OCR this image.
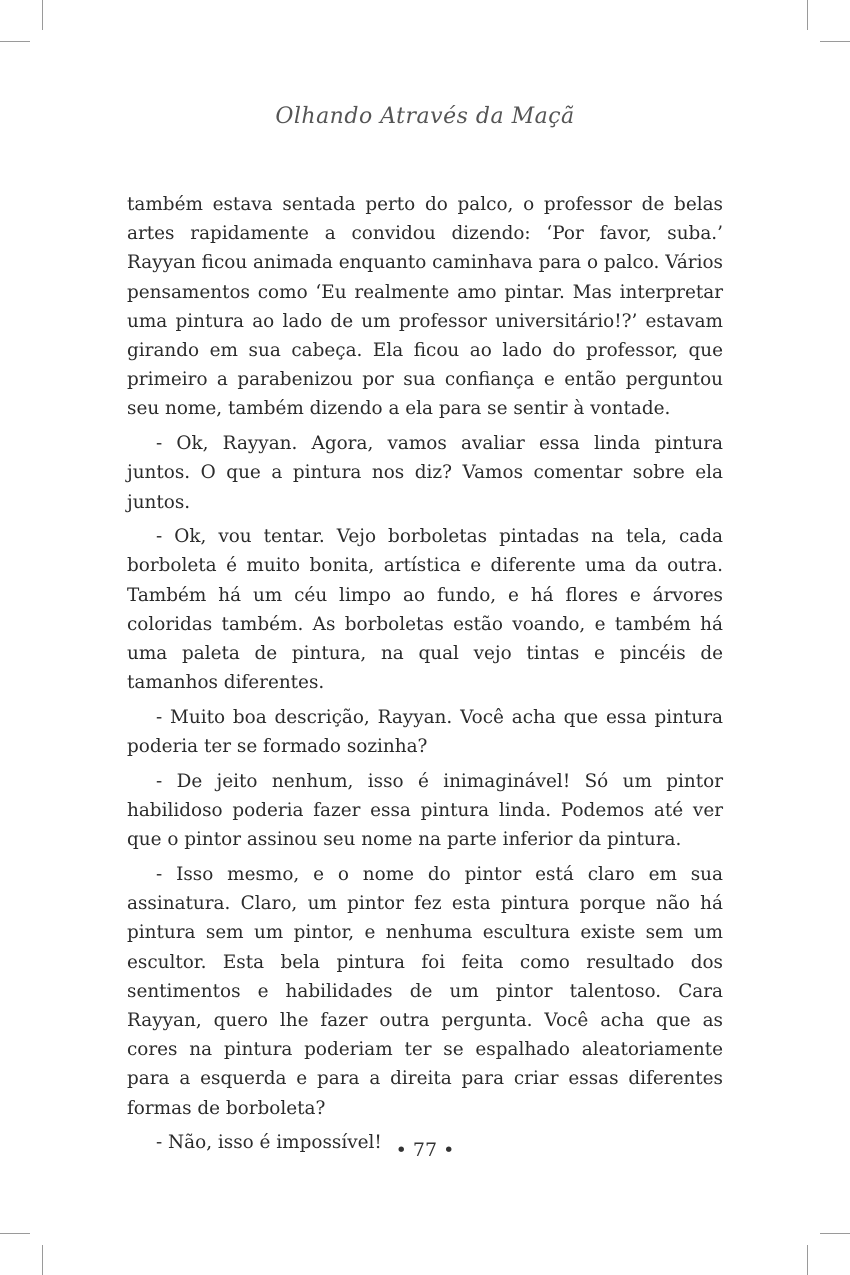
Olhando Através da Maçã

também estava sentada perto do palco, o professor de belas artes rapidamente a convidou dizendo: ‘Por favor, suba.’ Rayyan ficou animada enquanto caminhava para o palco. Vários pensamentos como ‘Eu realmente amo pintar. Mas interpretar uma pintura ao lado de um professor universitário!?’ estavam girando em sua cabeça. Ela ficou ao lado do professor, que primeiro a parabenizou por sua confiança e então perguntou seu nome, também dizendo a ela para se sentir à vontade.

- Ok, Rayyan. Agora, vamos avaliar essa linda pintura juntos. O que a pintura nos diz? Vamos comentar sobre ela juntos.

- Ok, vou tentar. Vejo borboletas pintadas na tela, cada borboleta é muito bonita, artística e diferente uma da outra. Também há um céu limpo ao fundo, e há flores e árvores coloridas também. As borboletas estão voando, e também há uma paleta de pintura, na qual vejo tintas e pincéis de tamanhos diferentes.

- Muito boa descrição, Rayyan. Você acha que essa pintura poderia ter se formado sozinha?

- De jeito nenhum, isso é inimaginável! Só um pintor habilidoso poderia fazer essa pintura linda. Podemos até ver que o pintor assinou seu nome na parte inferior da pintura.

- Isso mesmo, e o nome do pintor está claro em sua assinatura. Claro, um pintor fez esta pintura porque não há pintura sem um pintor, e nenhuma escultura existe sem um escultor. Esta bela pintura foi feita como resultado dos sentimentos e habilidades de um pintor talentoso. Cara Rayyan, quero lhe fazer outra pergunta. Você acha que as cores na pintura poderiam ter se espalhado aleatoriamente para a esquerda e para a direita para criar essas diferentes formas de borboleta?

- Não, isso é impossível! • 77 •
